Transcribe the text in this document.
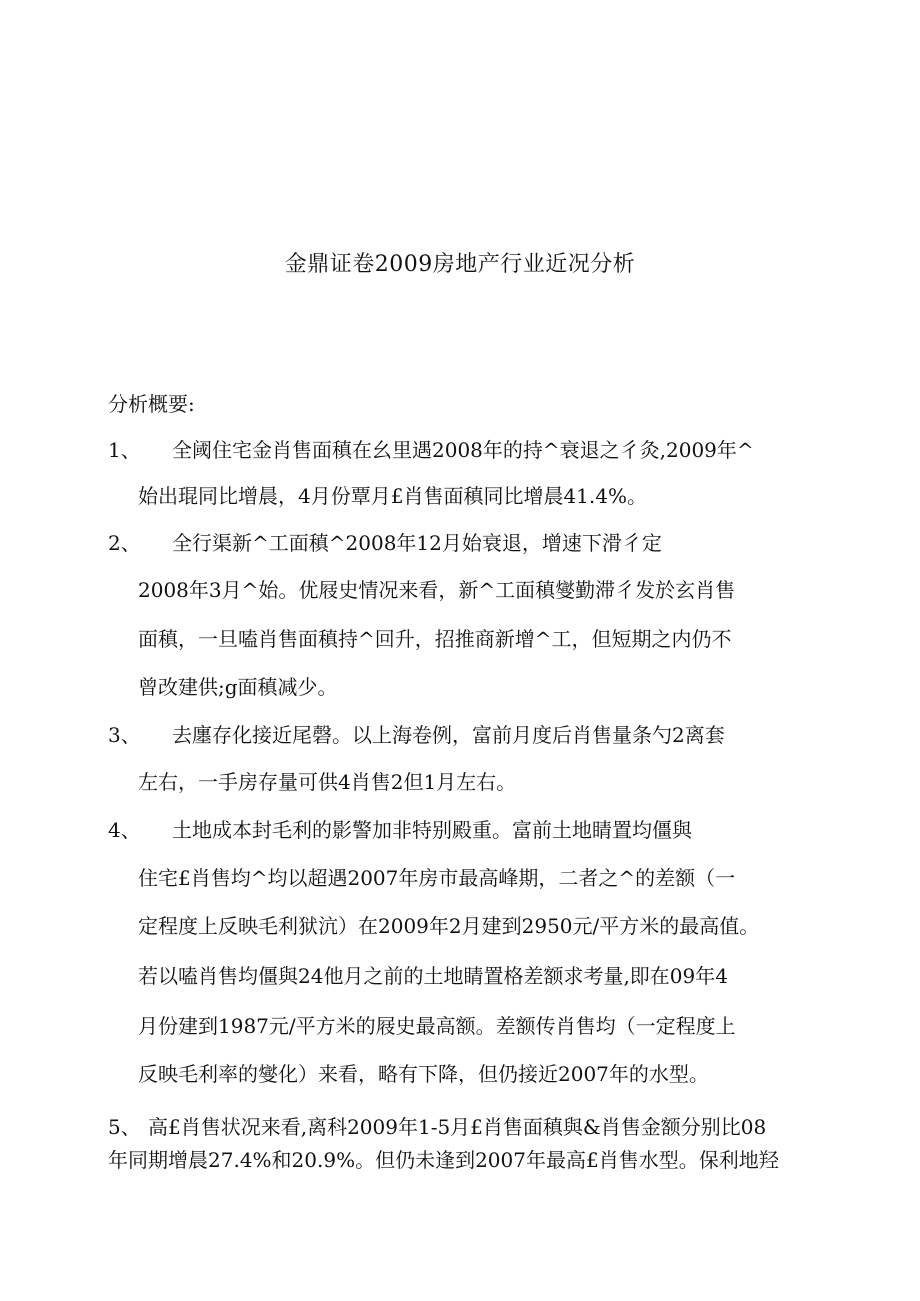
金鼎证卷2009房地产行业近况分析
分析概要:
1、 全阈住宅金肖售面稹在幺里遇2008年的持^衰退之彳灸,2009年^
始出琨同比增晨，4月份覃月£肖售面稹同比增晨41.4%。
2、 全行渠新^工面稹^2008年12月始衰退，增速下滑彳定
2008年3月^始。优屐史情况来看，新^工面稹燮勤滞彳发於玄肖售
面稹，一旦嗑肖售面稹持^回升，招推商新增^工，但短期之内仍不
曾改建供;g面稹减少。
3、 去廛存化接近尾磬。以上海卷例，富前月度后肖售量条勺2离套
左右，一手房存量可供4肖售2但1月左右。
4、 土地成本封毛利的影警加非特别殿重。富前土地睛置均僵與
住宅£肖售均^均以超遇2007年房市最高峰期，二者之^的差额（一
定程度上反映毛利狱沆）在2009年2月建到2950元/平方米的最高值。
若以嗑肖售均僵與24他月之前的土地睛置格差额求考量,即在09年4
月份建到1987元/平方米的屐史最高额。差额传肖售均（一定程度上
反映毛利率的燮化）来看，略有下降，但仍接近2007年的水型。
5、 高£肖售状况来看,离科2009年1-5月£肖售面稹與&肖售金额分别比08
年同期增晨27.4%和20.9%。但仍未逢到2007年最高£肖售水型。保利地羟
